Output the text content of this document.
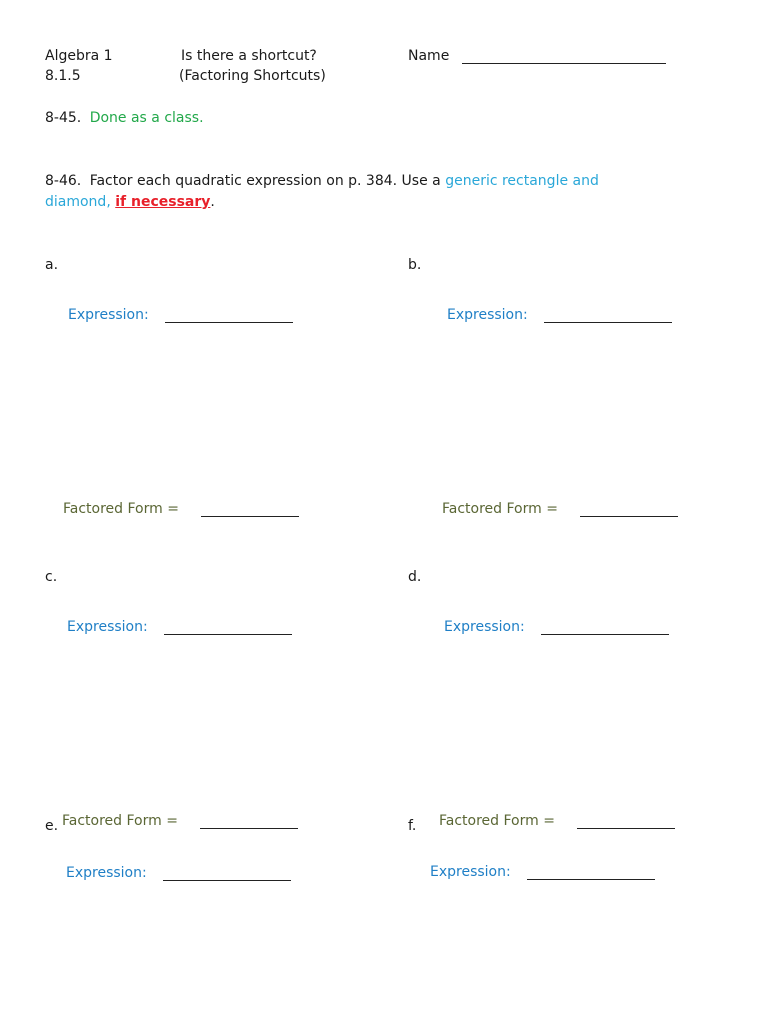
Algebra 1
8.1.5
Is there a shortcut?
(Factoring Shortcuts)
Name
8-45. Done as a class.
8-46. Factor each quadratic expression on p. 384. Use a generic rectangle and
diamond, if necessary.
a.
Expression:
Factored Form =
b.
Expression:
Factored Form =
c.
Expression:
Factored Form =
d.
Expression:
Factored Form =
e.
Expression:
f.
Expression:
